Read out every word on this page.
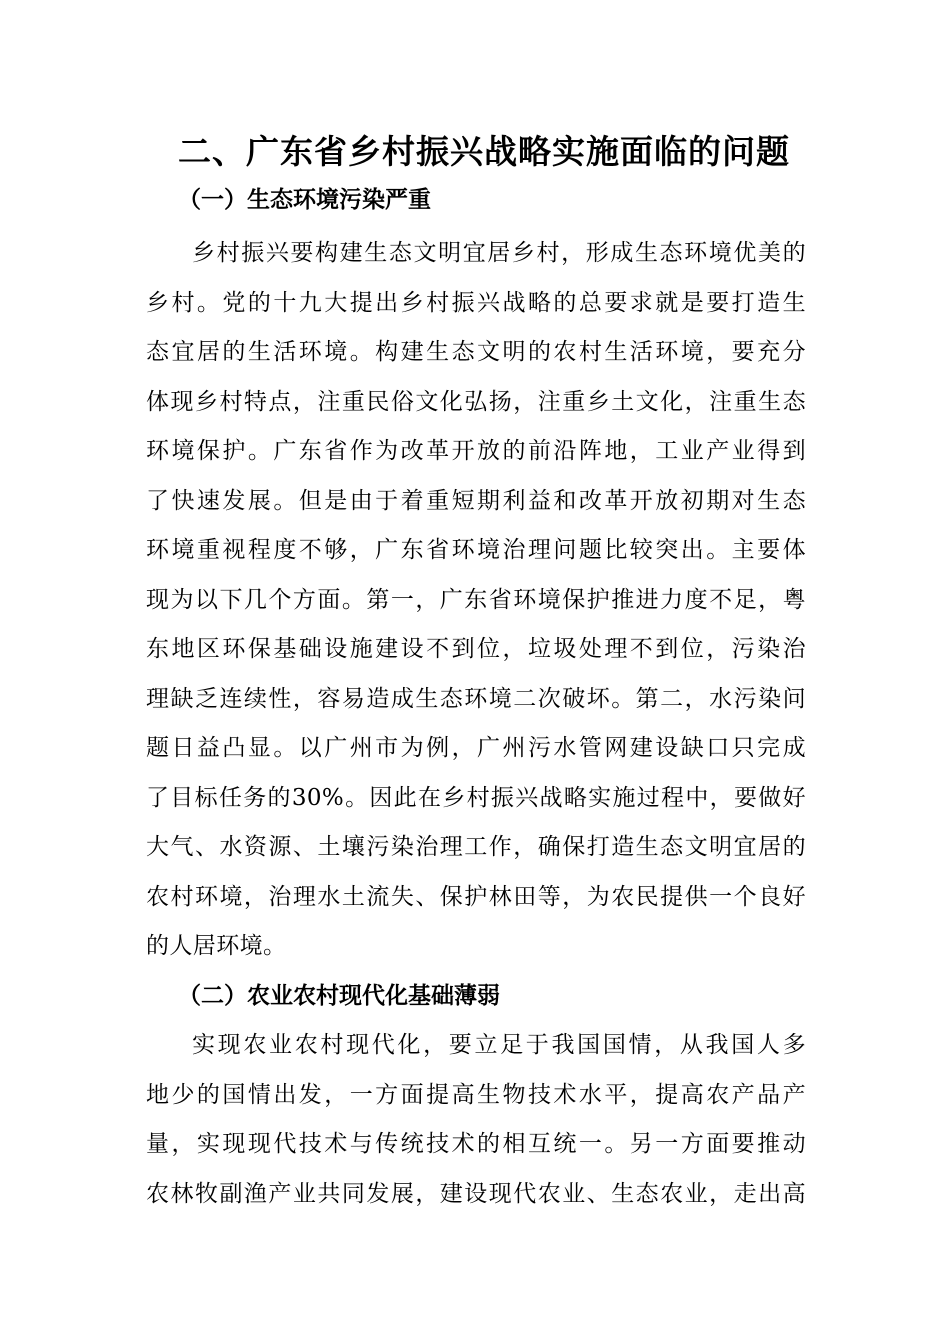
二、广东省乡村振兴战略实施面临的问题
（一）生态环境污染严重
乡村振兴要构建生态文明宜居乡村，形成生态环境优美的
乡村。党的十九大提出乡村振兴战略的总要求就是要打造生
态宜居的生活环境。构建生态文明的农村生活环境，要充分
体现乡村特点，注重民俗文化弘扬，注重乡土文化，注重生态
环境保护。广东省作为改革开放的前沿阵地，工业产业得到
了快速发展。但是由于着重短期利益和改革开放初期对生态
环境重视程度不够，广东省环境治理问题比较突出。主要体
现为以下几个方面。第一，广东省环境保护推进力度不足，粤
东地区环保基础设施建设不到位，垃圾处理不到位，污染治
理缺乏连续性，容易造成生态环境二次破坏。第二，水污染问
题日益凸显。以广州市为例，广州污水管网建设缺口只完成
了目标任务的30%。因此在乡村振兴战略实施过程中，要做好
大气、水资源、土壤污染治理工作，确保打造生态文明宜居的
农村环境，治理水土流失、保护林田等，为农民提供一个良好
的人居环境。
（二）农业农村现代化基础薄弱
实现农业农村现代化，要立足于我国国情，从我国人多
地少的国情出发，一方面提高生物技术水平，提高农产品产
量，实现现代技术与传统技术的相互统一。另一方面要推动
农林牧副渔产业共同发展，建设现代农业、生态农业，走出高
